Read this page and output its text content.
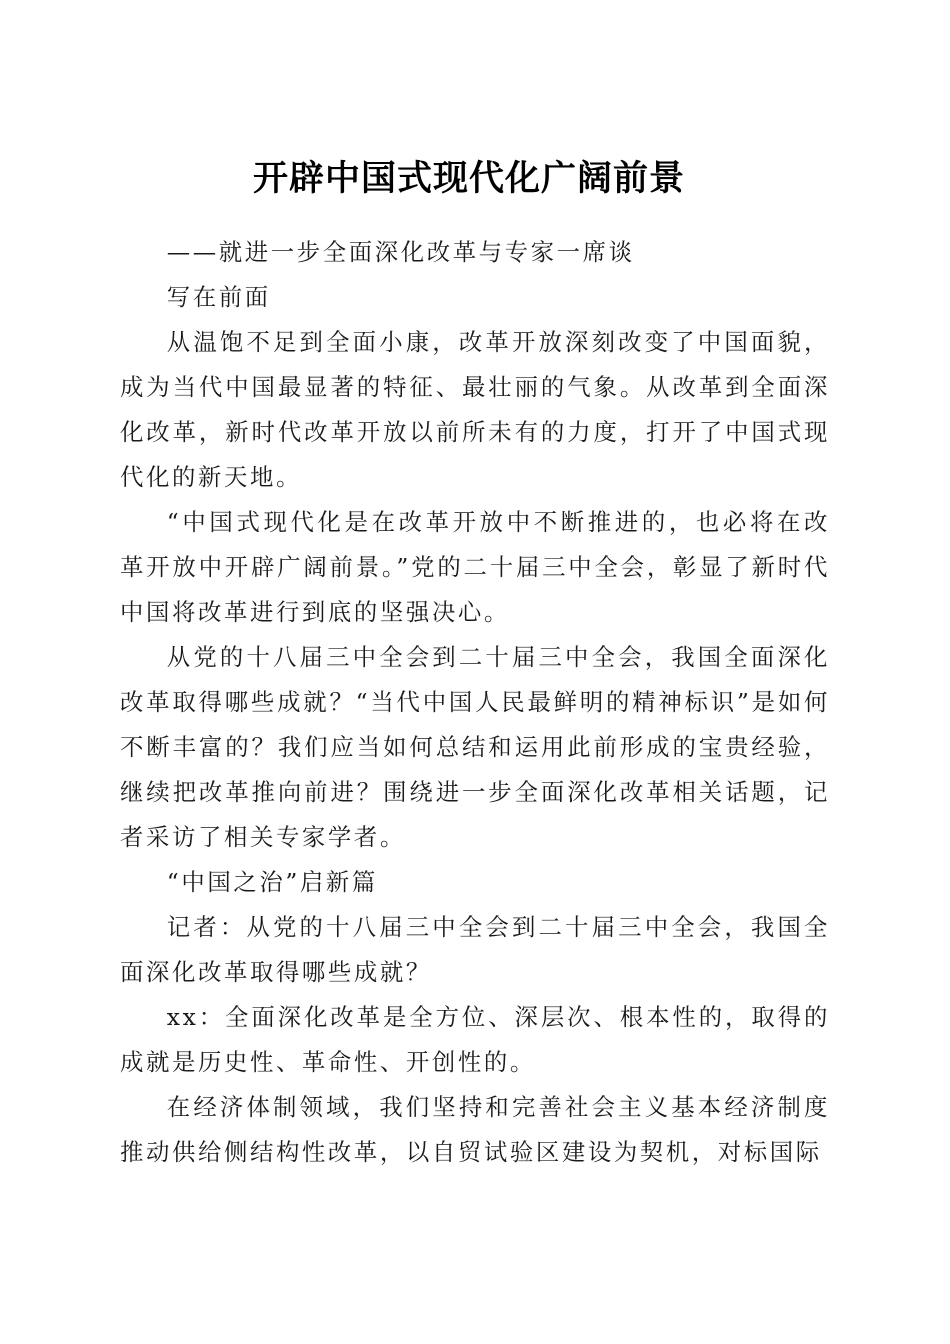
开辟中国式现代化广阔前景

——就进一步全面深化改革与专家一席谈

写在前面

从温饱不足到全面小康，改革开放深刻改变了中国面貌，成为当代中国最显著的特征、最壮丽的气象。从改革到全面深化改革，新时代改革开放以前所未有的力度，打开了中国式现代化的新天地。

“中国式现代化是在改革开放中不断推进的，也必将在改革开放中开辟广阔前景。”党的二十届三中全会，彰显了新时代中国将改革进行到底的坚强决心。

从党的十八届三中全会到二十届三中全会，我国全面深化改革取得哪些成就？“当代中国人民最鲜明的精神标识”是如何不断丰富的？我们应当如何总结和运用此前形成的宝贵经验，继续把改革推向前进？围绕进一步全面深化改革相关话题，记者采访了相关专家学者。

“中国之治”启新篇

记者：从党的十八届三中全会到二十届三中全会，我国全面深化改革取得哪些成就？

xx：全面深化改革是全方位、深层次、根本性的，取得的成就是历史性、革命性、开创性的。

在经济体制领域，我们坚持和完善社会主义基本经济制度推动供给侧结构性改革，以自贸试验区建设为契机，对标国际
